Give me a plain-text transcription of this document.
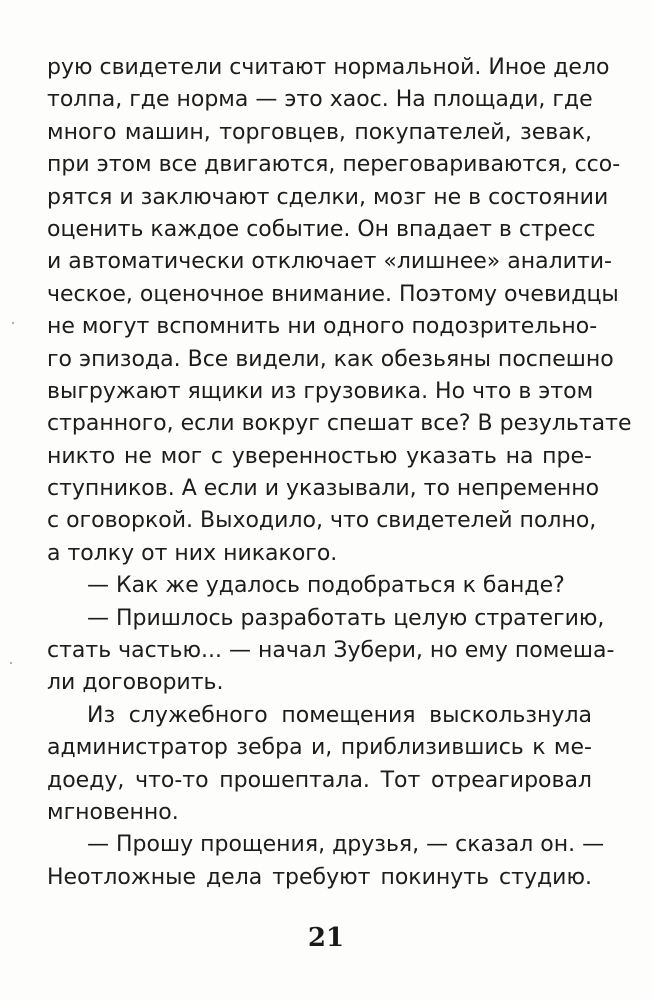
рую свидетели считают нормальной. Иное дело
толпа, где норма — это хаос. На площади, где
много машин, торговцев, покупателей, зевак,
при этом все двигаются, переговариваются, ссо-
рятся и заключают сделки, мозг не в состоянии
оценить каждое событие. Он впадает в стресс
и автоматически отключает «лишнее» аналити-
ческое, оценочное внимание. Поэтому очевидцы
не могут вспомнить ни одного подозрительно-
го эпизода. Все видели, как обезьяны поспешно
выгружают ящики из грузовика. Но что в этом
странного, если вокруг спешат все? В результате
никто не мог с уверенностью указать на пре-
ступников. А если и указывали, то непременно
с оговоркой. Выходило, что свидетелей полно,
а толку от них никакого.
— Как же удалось подобраться к банде?
— Пришлось разработать целую стратегию,
стать частью... — начал Зубери, но ему помеша-
ли договорить.
Из служебного помещения выскользнула
администратор зебра и, приблизившись к ме-
доеду, что-то прошептала. Тот отреагировал
мгновенно.
— Прошу прощения, друзья, — сказал он. —
Неотложные дела требуют покинуть студию.
21
